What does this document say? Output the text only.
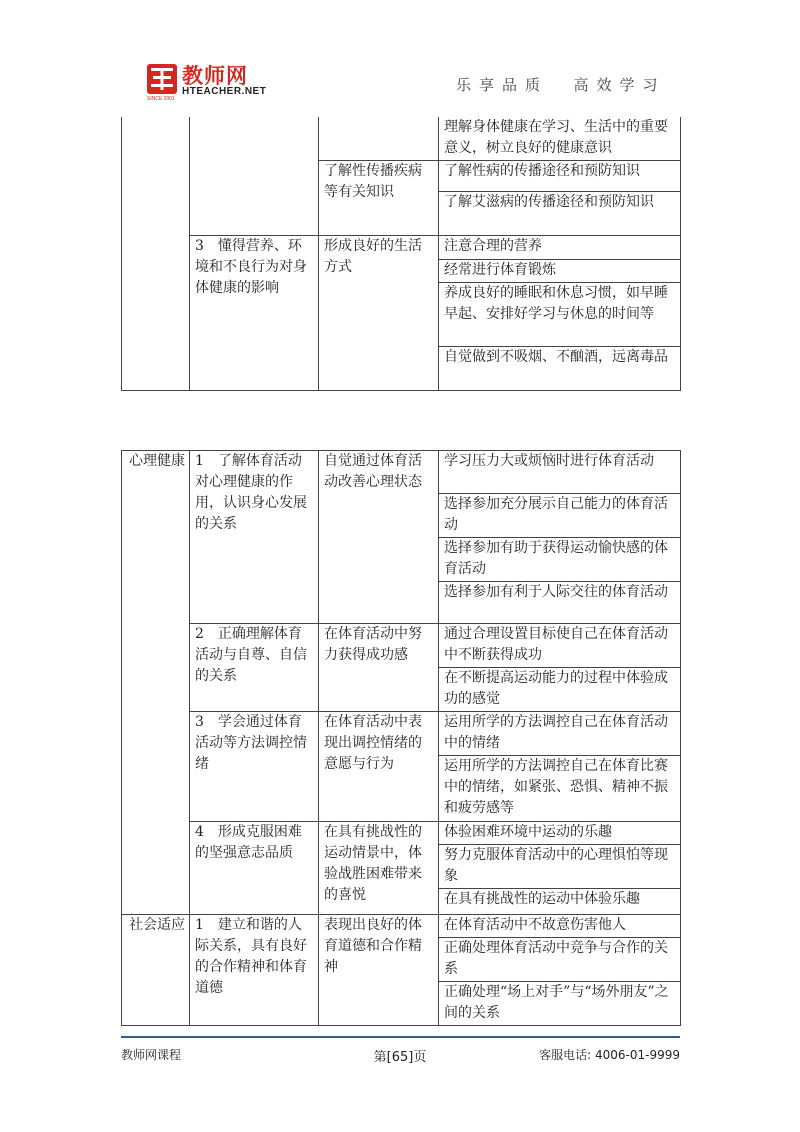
教师网
HTEACHER.NET
SINCE 2001
乐享品质  高效学习
			理解身体健康在学习、生活中的重要意义，树立良好的健康意识
		了解性传播疾病等有关知识	了解性病的传播途径和预防知识
			了解艾滋病的传播途径和预防知识
	3　懂得营养、环境和不良行为对身体健康的影响	形成良好的生活方式	注意合理的营养
			经常进行体育锻炼
			养成良好的睡眠和休息习惯，如早睡早起、安排好学习与休息的时间等
			自觉做到不吸烟、不酗酒，远离毒品
心理健康	1　了解体育活动对心理健康的作用，认识身心发展的关系	自觉通过体育活动改善心理状态	学习压力大或烦恼时进行体育活动
			选择参加充分展示自己能力的体育活动
			选择参加有助于获得运动愉快感的体育活动
			选择参加有利于人际交往的体育活动
	2　正确理解体育活动与自尊、自信的关系	在体育活动中努力获得成功感	通过合理设置目标使自己在体育活动中不断获得成功
			在不断提高运动能力的过程中体验成功的感觉
	3　学会通过体育活动等方法调控情绪	在体育活动中表现出调控情绪的意愿与行为	运用所学的方法调控自己在体育活动中的情绪
			运用所学的方法调控自己在体育比赛中的情绪，如紧张、恐惧、精神不振和疲劳感等
	4　形成克服困难的坚强意志品质	在具有挑战性的运动情景中，体验战胜困难带来的喜悦	体验困难环境中运动的乐趣
			努力克服体育活动中的心理惧怕等现象
			在具有挑战性的运动中体验乐趣
社会适应	1　建立和谐的人际关系，具有良好的合作精神和体育道德	表现出良好的体育道德和合作精神	在体育活动中不故意伤害他人
			正确处理体育活动中竞争与合作的关系
			正确处理“场上对手”与“场外朋友”之间的关系
教师网课程	第[65]页	客服电话: 4006-01-9999
